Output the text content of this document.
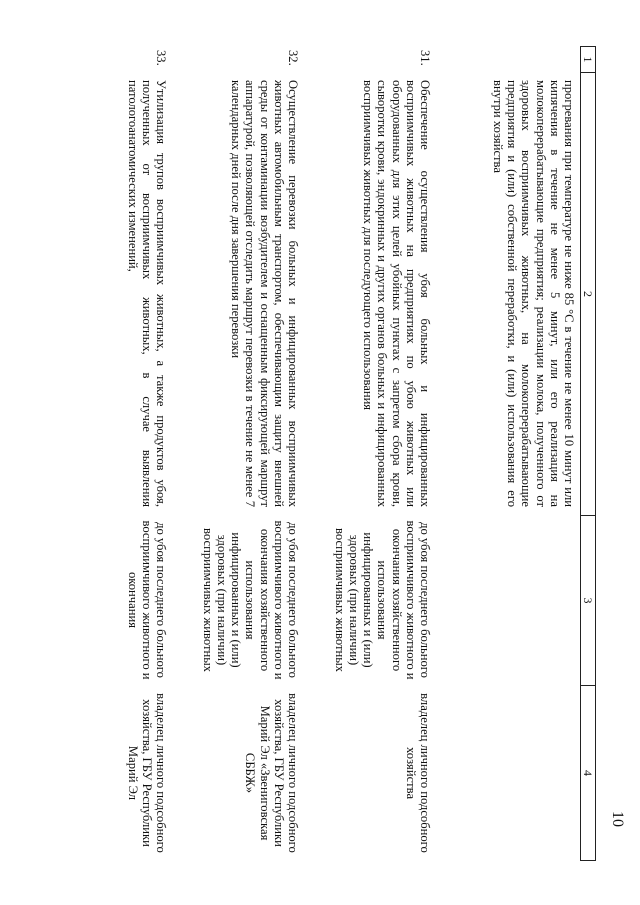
10
1
2
3
4
прогревания при температуре не ниже 85 °С в течение не менее 10 минут или кипячения в течение не менее 5 минут, или его реализация на молокоперерабатывающие предприятия; реализации молока, полученного от здоровых восприимчивых животных, на молокоперерабатывающие предприятия и (или) собственной переработки, и (или) использования его внутри хозяйства
31.
Обеспечение осуществления убоя больных и инфицированных восприимчивых животных на предприятиях по убою животных или оборудованных для этих целей убойных пунктах с запретом сбора крови, сыворотки крови, эндокринных и других органов больных и инфицированных восприимчивых животных для последующего использования
до убоя последнего больного восприимчивого животного и окончания хозяйственного использования инфицированных и (или) здоровых (при наличии) восприимчивых животных
владелец личного подсобного хозяйства
32.
Осуществление перевозки больных и инфицированных восприимчивых животных автомобильным транспортом, обеспечивающим защиту внешней среды от контаминации возбудителем и оснащенным фиксирующей маршрут аппаратурой, позволяющей отследить маршрут перевозки в течение не менее 7 календарных дней после дня завершения перевозки
до убоя последнего больного восприимчивого животного и окончания хозяйственного использования инфицированных и (или) здоровых (при наличии) восприимчивых животных
владелец личного подсобного хозяйства, ГБУ Республики Марий Эл «Звениговская СББЖ»
33.
Утилизация трупов восприимчивых животных, а также продуктов убоя, полученных от восприимчивых животных, в случае выявления патологоанатомических изменений,
до убоя последнего больного восприимчивого животного и окончания
владелец личного подсобного хозяйства, ГБУ Республики Марий Эл
